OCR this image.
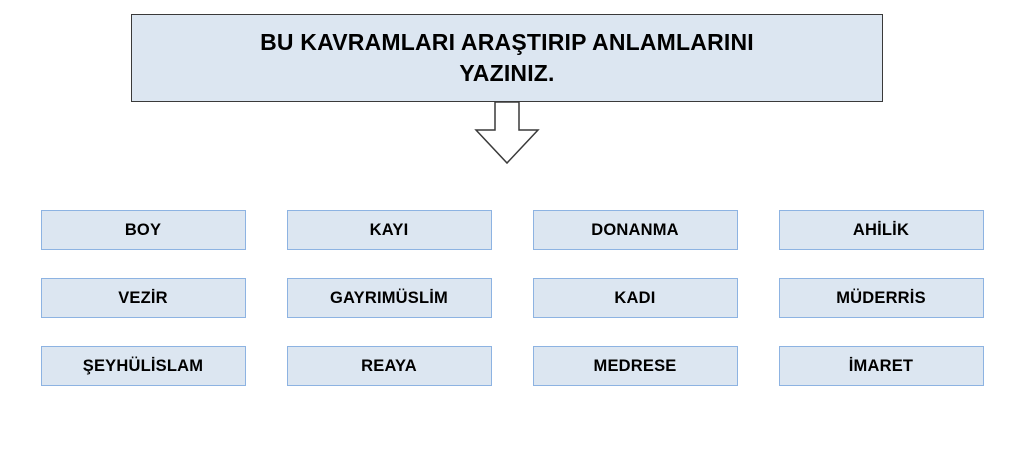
BU KAVRAMLARI ARAŞTIRIP ANLAMLARINI
YAZINIZ.
BOY	KAYI	DONANMA	AHİLİK
VEZİR	GAYRIMÜSLİM	KADI	MÜDERRİS
ŞEYHÜLİSLAM	REAYA	MEDRESE	İMARET
